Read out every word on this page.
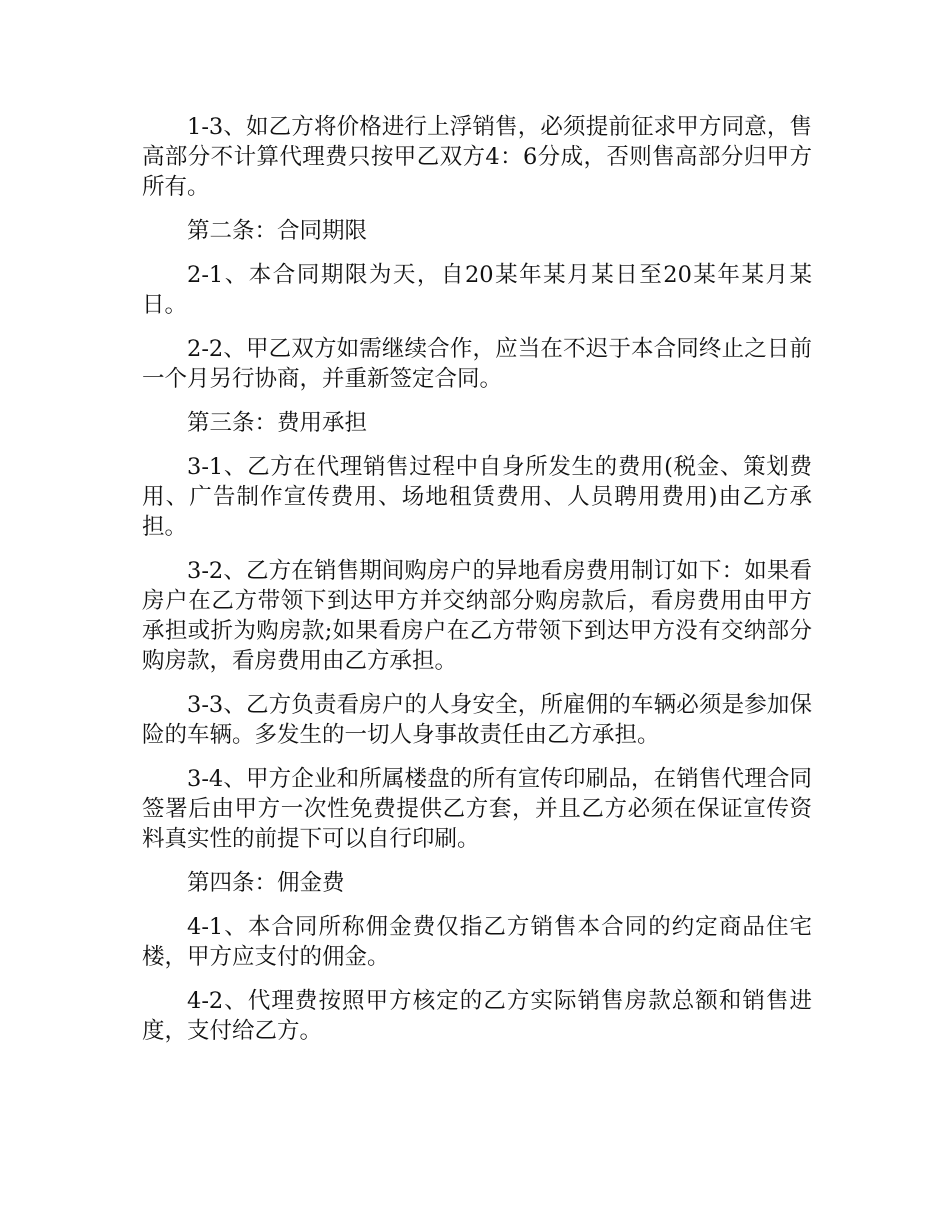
1-3、如乙方将价格进行上浮销售，必须提前征求甲方同意，售高部分不计算代理费只按甲乙双方4：6分成，否则售高部分归甲方所有。

第二条：合同期限

2-1、本合同期限为天，自20某年某月某日至20某年某月某日。

2-2、甲乙双方如需继续合作，应当在不迟于本合同终止之日前一个月另行协商，并重新签定合同。

第三条：费用承担

3-1、乙方在代理销售过程中自身所发生的费用(税金、策划费用、广告制作宣传费用、场地租赁费用、人员聘用费用)由乙方承担。

3-2、乙方在销售期间购房户的异地看房费用制订如下：如果看房户在乙方带领下到达甲方并交纳部分购房款后，看房费用由甲方承担或折为购房款;如果看房户在乙方带领下到达甲方没有交纳部分购房款，看房费用由乙方承担。

3-3、乙方负责看房户的人身安全，所雇佣的车辆必须是参加保险的车辆。多发生的一切人身事故责任由乙方承担。

3-4、甲方企业和所属楼盘的所有宣传印刷品，在销售代理合同签署后由甲方一次性免费提供乙方套，并且乙方必须在保证宣传资料真实性的前提下可以自行印刷。

第四条：佣金费

4-1、本合同所称佣金费仅指乙方销售本合同的约定商品住宅楼，甲方应支付的佣金。

4-2、代理费按照甲方核定的乙方实际销售房款总额和销售进度，支付给乙方。
